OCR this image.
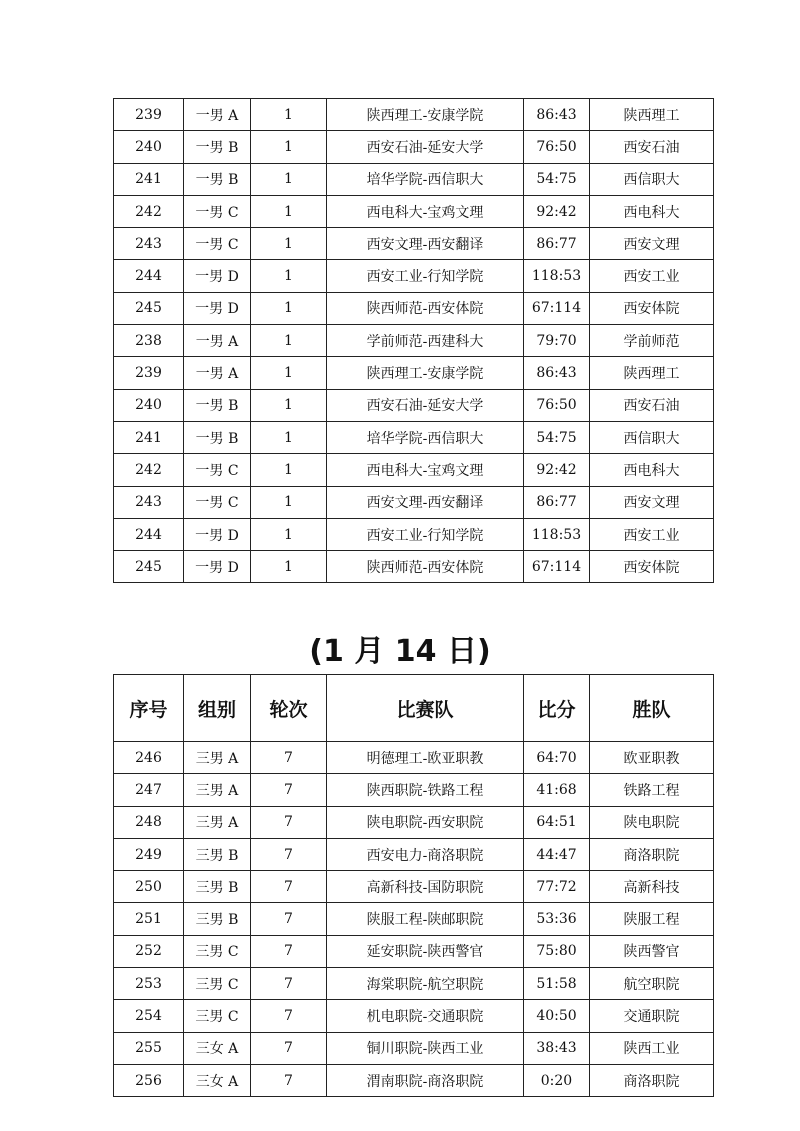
239	一男 A	1	陕西理工-安康学院	86:43	陕西理工
240	一男 B	1	西安石油-延安大学	76:50	西安石油
241	一男 B	1	培华学院-西信职大	54:75	西信职大
242	一男 C	1	西电科大-宝鸡文理	92:42	西电科大
243	一男 C	1	西安文理-西安翻译	86:77	西安文理
244	一男 D	1	西安工业-行知学院	118:53	西安工业
245	一男 D	1	陕西师范-西安体院	67:114	西安体院
238	一男 A	1	学前师范-西建科大	79:70	学前师范
239	一男 A	1	陕西理工-安康学院	86:43	陕西理工
240	一男 B	1	西安石油-延安大学	76:50	西安石油
241	一男 B	1	培华学院-西信职大	54:75	西信职大
242	一男 C	1	西电科大-宝鸡文理	92:42	西电科大
243	一男 C	1	西安文理-西安翻译	86:77	西安文理
244	一男 D	1	西安工业-行知学院	118:53	西安工业
245	一男 D	1	陕西师范-西安体院	67:114	西安体院
(1 月 14 日)
序号	组别	轮次	比赛队	比分	胜队
246	三男 A	7	明德理工-欧亚职教	64:70	欧亚职教
247	三男 A	7	陕西职院-铁路工程	41:68	铁路工程
248	三男 A	7	陕电职院-西安职院	64:51	陕电职院
249	三男 B	7	西安电力-商洛职院	44:47	商洛职院
250	三男 B	7	高新科技-国防职院	77:72	高新科技
251	三男 B	7	陕服工程-陕邮职院	53:36	陕服工程
252	三男 C	7	延安职院-陕西警官	75:80	陕西警官
253	三男 C	7	海棠职院-航空职院	51:58	航空职院
254	三男 C	7	机电职院-交通职院	40:50	交通职院
255	三女 A	7	铜川职院-陕西工业	38:43	陕西工业
256	三女 A	7	渭南职院-商洛职院	0:20	商洛职院
